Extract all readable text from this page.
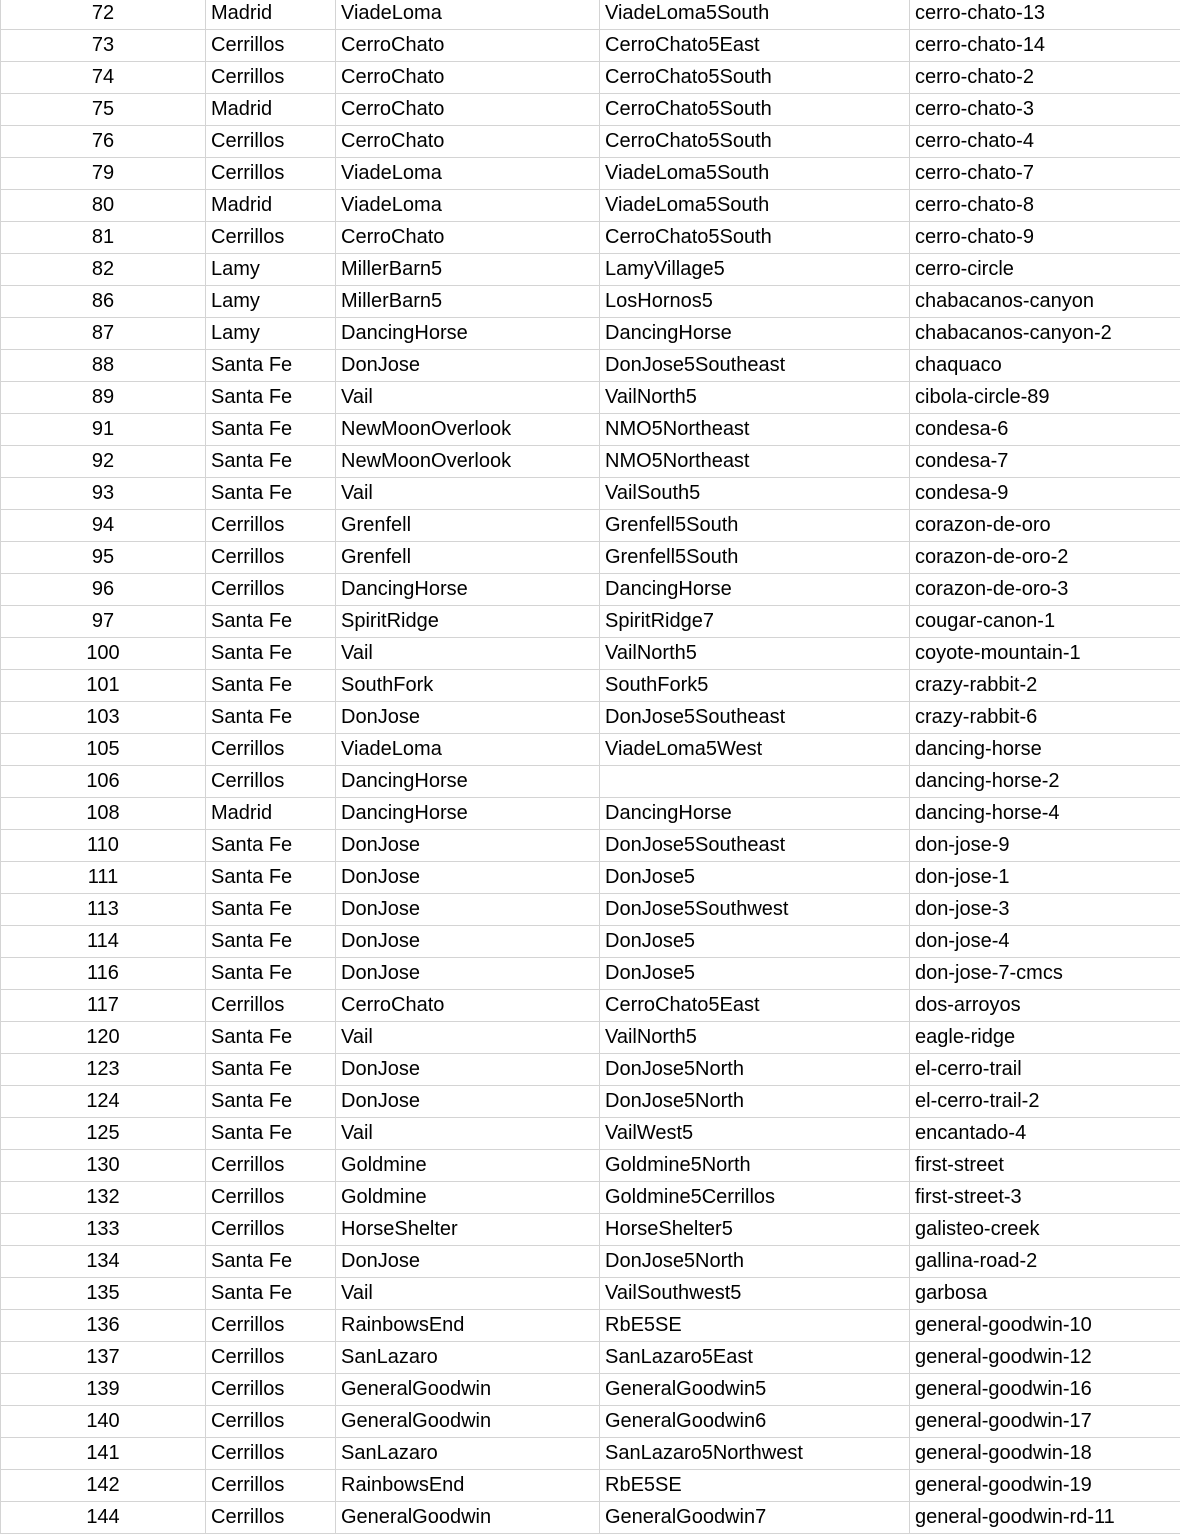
72	Madrid	ViadeLoma	ViadeLoma5South	cerro-chato-13
73	Cerrillos	CerroChato	CerroChato5East	cerro-chato-14
74	Cerrillos	CerroChato	CerroChato5South	cerro-chato-2
75	Madrid	CerroChato	CerroChato5South	cerro-chato-3
76	Cerrillos	CerroChato	CerroChato5South	cerro-chato-4
79	Cerrillos	ViadeLoma	ViadeLoma5South	cerro-chato-7
80	Madrid	ViadeLoma	ViadeLoma5South	cerro-chato-8
81	Cerrillos	CerroChato	CerroChato5South	cerro-chato-9
82	Lamy	MillerBarn5	LamyVillage5	cerro-circle
86	Lamy	MillerBarn5	LosHornos5	chabacanos-canyon
87	Lamy	DancingHorse	DancingHorse	chabacanos-canyon-2
88	Santa Fe	DonJose	DonJose5Southeast	chaquaco
89	Santa Fe	Vail	VailNorth5	cibola-circle-89
91	Santa Fe	NewMoonOverlook	NMO5Northeast	condesa-6
92	Santa Fe	NewMoonOverlook	NMO5Northeast	condesa-7
93	Santa Fe	Vail	VailSouth5	condesa-9
94	Cerrillos	Grenfell	Grenfell5South	corazon-de-oro
95	Cerrillos	Grenfell	Grenfell5South	corazon-de-oro-2
96	Cerrillos	DancingHorse	DancingHorse	corazon-de-oro-3
97	Santa Fe	SpiritRidge	SpiritRidge7	cougar-canon-1
100	Santa Fe	Vail	VailNorth5	coyote-mountain-1
101	Santa Fe	SouthFork	SouthFork5	crazy-rabbit-2
103	Santa Fe	DonJose	DonJose5Southeast	crazy-rabbit-6
105	Cerrillos	ViadeLoma	ViadeLoma5West	dancing-horse
106	Cerrillos	DancingHorse		dancing-horse-2
108	Madrid	DancingHorse	DancingHorse	dancing-horse-4
110	Santa Fe	DonJose	DonJose5Southeast	don-jose-9
111	Santa Fe	DonJose	DonJose5	don-jose-1
113	Santa Fe	DonJose	DonJose5Southwest	don-jose-3
114	Santa Fe	DonJose	DonJose5	don-jose-4
116	Santa Fe	DonJose	DonJose5	don-jose-7-cmcs
117	Cerrillos	CerroChato	CerroChato5East	dos-arroyos
120	Santa Fe	Vail	VailNorth5	eagle-ridge
123	Santa Fe	DonJose	DonJose5North	el-cerro-trail
124	Santa Fe	DonJose	DonJose5North	el-cerro-trail-2
125	Santa Fe	Vail	VailWest5	encantado-4
130	Cerrillos	Goldmine	Goldmine5North	first-street
132	Cerrillos	Goldmine	Goldmine5Cerrillos	first-street-3
133	Cerrillos	HorseShelter	HorseShelter5	galisteo-creek
134	Santa Fe	DonJose	DonJose5North	gallina-road-2
135	Santa Fe	Vail	VailSouthwest5	garbosa
136	Cerrillos	RainbowsEnd	RbE5SE	general-goodwin-10
137	Cerrillos	SanLazaro	SanLazaro5East	general-goodwin-12
139	Cerrillos	GeneralGoodwin	GeneralGoodwin5	general-goodwin-16
140	Cerrillos	GeneralGoodwin	GeneralGoodwin6	general-goodwin-17
141	Cerrillos	SanLazaro	SanLazaro5Northwest	general-goodwin-18
142	Cerrillos	RainbowsEnd	RbE5SE	general-goodwin-19
144	Cerrillos	GeneralGoodwin	GeneralGoodwin7	general-goodwin-rd-11
